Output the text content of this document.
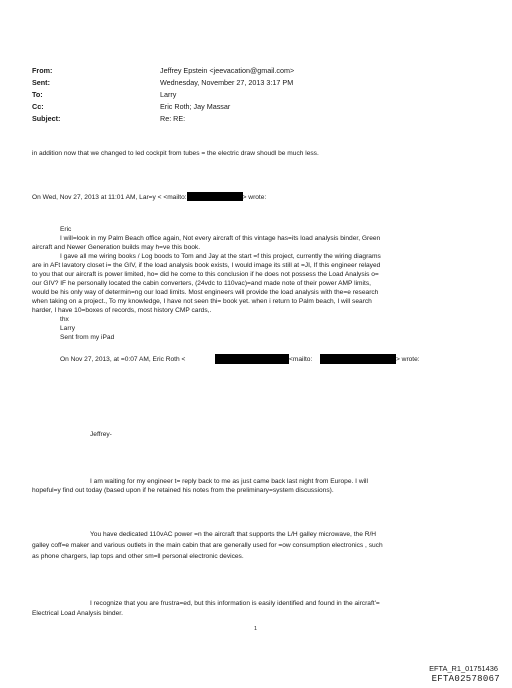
From:	Jeffrey Epstein <jeevacation@gmail.com>
Sent:	Wednesday, November 27, 2013 3:17 PM
To:	Larry
Cc:	Eric Roth; Jay Massar
Subject:	Re: RE:
in addition now that we changed to led cockpit from tubes = the electric draw shoudl be much less.
On Wed, Nov 27, 2013 at 11:01 AM, Lar=y < <mailto:	> wrote:
Eric
I will=look in my Palm Beach office again, Not every aircraft of this vintage has=its load analysis binder, Green
aircraft and Newer Generation builds may h=ve this book.
I gave all me wiring books / Log boods to Tom and Jay at the start =f this project, currently the wiring diagrams
are in AFt lavatory closet i= the GIV, if the load analysis book exists, I would image its still at =JI, If this engineer relayed
to you that our aircraft is power limited, ho= did he come to this conclusion if he does not possess the Load Analysis o=
our GIV? IF he personally located the cabin converters, (24vdc to 110vac)=and made note of their power AMP limits,
would be his only way of determin=ng our load limits. Most engineers will provide the load analysis with the=e research
when taking on a project., To my knowledge, I have not seen thi= book yet. when i return to Palm beach, I will search
harder, I have 10=boxes of records, most history CMP cards,.
thx
Larry
Sent from my iPad
On Nov 27, 2013, at =0:07 AM, Eric Roth <	<mailto:	> wrote:
Jeffrey-
I am waiting for my engineer t= reply back to me as just came back last night from Europe. I will
hopeful=y find out today (based upon if he retained his notes from the preliminary=system discussions).
You have dedicated 110vAC power =n the aircraft that supports the L/H galley microwave, the R/H
galley coff=e maker and various outlets in the main cabin that are generally used for =ow consumption electronics , such
as phone chargers, lap tops and other sm=ll personal electronic devices.
I recognize that you are frustra=ed, but this information is easily identified and found in the aircraft'=
Electrical Load Analysis binder.
1
EFTA_R1_01751436
EFTA02578067
